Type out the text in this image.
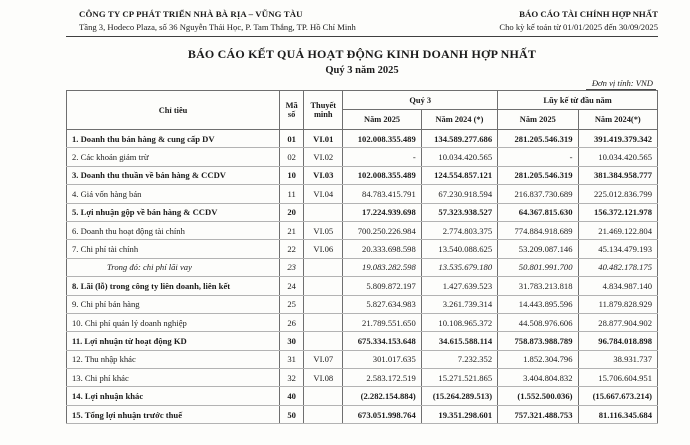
CÔNG TY CP PHÁT TRIỂN NHÀ BÀ RỊA – VŨNG TÀU
Tầng 3, Hodeco Plaza, số 36 Nguyễn Thái Học, P. Tam Thắng, TP. Hồ Chí Minh
BÁO CÁO TÀI CHÍNH HỢP NHẤT
Cho kỳ kế toán từ 01/01/2025 đến 30/09/2025
BÁO CÁO KẾT QUẢ HOẠT ĐỘNG KINH DOANH HỢP NHẤT
Quý 3 năm 2025
Đơn vị tính: VND
Chỉ tiêu	Mã số	Thuyết minh	Quý 3		Lũy kế từ đầu năm	
			Năm 2025	Năm 2024 (*)	Năm 2025	Năm 2024(*)
1. Doanh thu bán hàng & cung cấp DV	01	VI.01	102.008.355.489	134.589.277.686	281.205.546.319	391.419.379.342
2. Các khoản giảm trừ	02	VI.02	-	10.034.420.565	-	10.034.420.565
3. Doanh thu thuần về bán hàng & CCDV	10	VI.03	102.008.355.489	124.554.857.121	281.205.546.319	381.384.958.777
4. Giá vốn hàng bán	11	VI.04	84.783.415.791	67.230.918.594	216.837.730.689	225.012.836.799
5. Lợi nhuận gộp về bán hàng & CCDV	20		17.224.939.698	57.323.938.527	64.367.815.630	156.372.121.978
6. Doanh thu hoạt động tài chính	21	VI.05	700.250.226.984	2.774.803.375	774.884.918.689	21.469.122.804
7. Chi phí tài chính	22	VI.06	20.333.698.598	13.540.088.625	53.209.087.146	45.134.479.193
Trong đó: chi phí lãi vay	23		19.083.282.598	13.535.679.180	50.801.991.700	40.482.178.175
8. Lãi (lỗ) trong công ty liên doanh, liên kết	24		5.809.872.197	1.427.639.523	31.783.213.818	4.834.987.140
9. Chi phí bán hàng	25		5.827.634.983	3.261.739.314	14.443.895.596	11.879.828.929
10. Chi phí quản lý doanh nghiệp	26		21.789.551.650	10.108.965.372	44.508.976.606	28.877.904.902
11. Lợi nhuận từ hoạt động KD	30		675.334.153.648	34.615.588.114	758.873.988.789	96.784.018.898
12. Thu nhập khác	31	VI.07	301.017.635	7.232.352	1.852.304.796	38.931.737
13. Chi phí khác	32	VI.08	2.583.172.519	15.271.521.865	3.404.804.832	15.706.604.951
14. Lợi nhuận khác	40		(2.282.154.884)	(15.264.289.513)	(1.552.500.036)	(15.667.673.214)
15. Tổng lợi nhuận trước thuế	50		673.051.998.764	19.351.298.601	757.321.488.753	81.116.345.684
